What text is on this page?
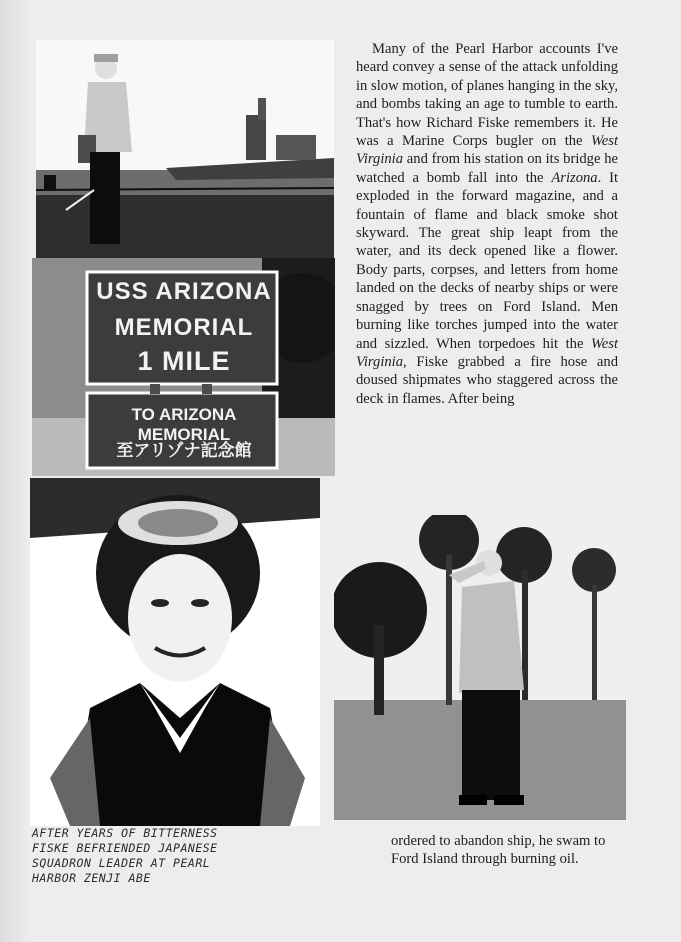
USS ARIZONA
MEMORIAL
1 MILE
TO ARIZONA MEMORIAL
至アリゾナ記念館

Many of the Pearl Harbor accounts I've heard convey a sense of the attack unfolding in slow motion, of planes hanging in the sky, and bombs taking an age to tumble to earth. That's how Richard Fiske remembers it. He was a Marine Corps bugler on the West Virginia and from his station on its bridge he watched a bomb fall into the Arizona. It exploded in the forward magazine, and a fountain of flame and black smoke shot skyward. The great ship leapt from the water, and its deck opened like a flower. Body parts, corpses, and letters from home landed on the decks of nearby ships or were snagged by trees on Ford Island. Men burning like torches jumped into the water and sizzled. When torpedoes hit the West Virginia, Fiske grabbed a fire hose and doused shipmates who staggered across the deck in flames. After being

ordered to abandon ship, he swam to Ford Island through burning oil.

AFTER YEARS OF BITTERNESS
FISKE BEFRIENDED JAPANESE
SQUADRON LEADER AT PEARL
HARBOR ZENJI ABE
